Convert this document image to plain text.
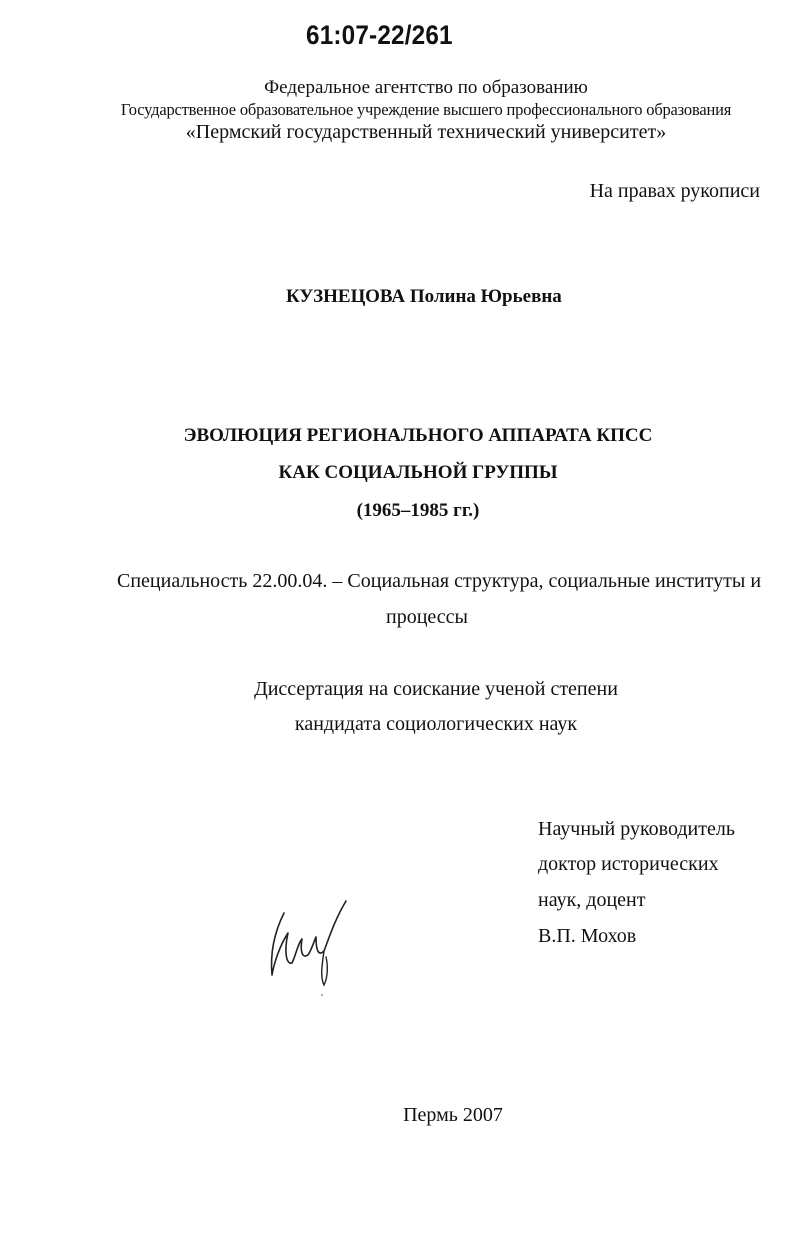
61:07-22/261
Федеральное агентство по образованию
Государственное образовательное учреждение высшего профессионального образования
«Пермский государственный технический университет»
На правах рукописи
КУЗНЕЦОВА Полина Юрьевна
ЭВОЛЮЦИЯ РЕГИОНАЛЬНОГО АППАРАТА КПСС
КАК СОЦИАЛЬНОЙ ГРУППЫ
(1965–1985 гг.)
Специальность 22.00.04. – Социальная структура, социальные институты и
процессы
Диссертация на соискание ученой степени
кандидата социологических наук
Научный руководитель
доктор исторических
наук, доцент
В.П. Мохов
Пермь 2007
